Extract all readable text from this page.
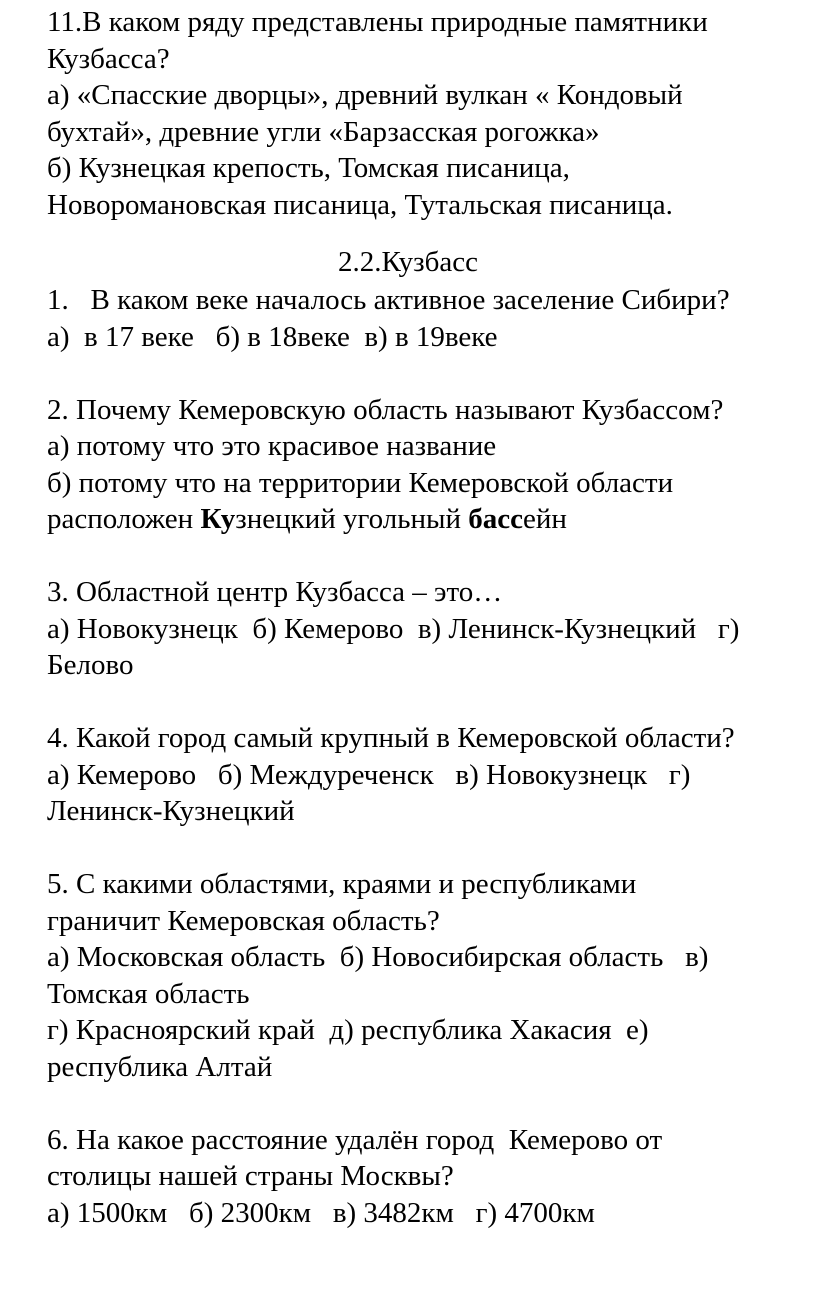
11.В каком ряду представлены природные памятники
Кузбасса?
а) «Спасские дворцы», древний вулкан « Кондовый
бухтай», древние угли «Барзасская рогожка»
б) Кузнецкая крепость, Томская писаница,
Новоромановская писаница, Тутальская писаница.
2.2.Кузбасс
1.   В каком веке началось активное заселение Сибири?
а)  в 17 веке   б) в 18веке  в) в 19веке
2. Почему Кемеровскую область называют Кузбассом?
а) потому что это красивое название
б) потому что на территории Кемеровской области
расположен Кузнецкий угольный бассейн
3. Областной центр Кузбасса – это…
а) Новокузнецк  б) Кемерово  в) Ленинск-Кузнецкий   г)
Белово
4. Какой город самый крупный в Кемеровской области?
а) Кемерово   б) Междуреченск   в) Новокузнецк   г)
Ленинск-Кузнецкий
5. С какими областями, краями и республиками
граничит Кемеровская область?
а) Московская область  б) Новосибирская область   в)
Томская область
г) Красноярский край  д) республика Хакасия  е)
республика Алтай
6. На какое расстояние удалён город  Кемерово от
столицы нашей страны Москвы?
а) 1500км   б) 2300км   в) 3482км   г) 4700км
